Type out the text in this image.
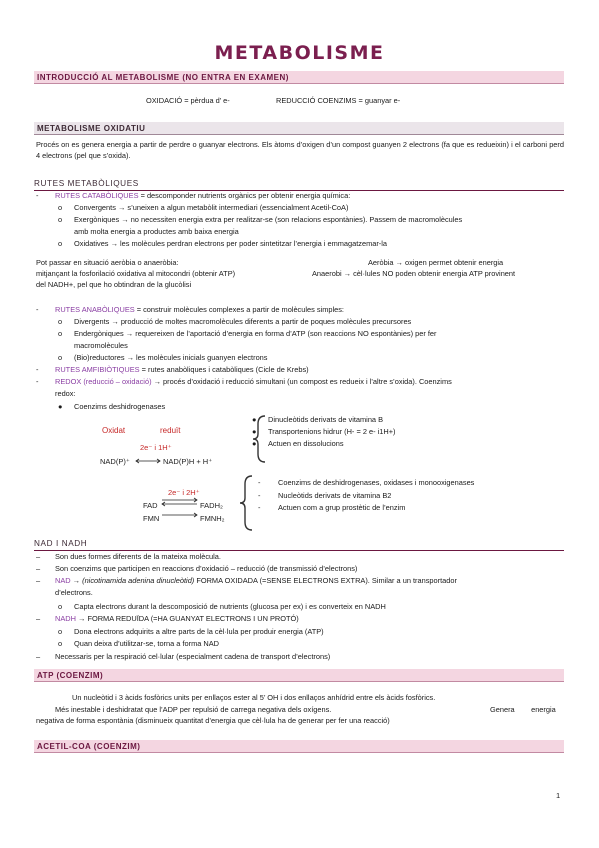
METABOLISME
INTRODUCCIÓ AL METABOLISME (NO ENTRA EN EXAMEN)
OXIDACIÓ = pèrdua d’ e-	REDUCCIÓ COENZIMS = guanyar e-
METABOLISME OXIDATIU
Procés on es genera energia a partir de perdre o guanyar electrons. Els àtoms d’oxigen d’un compost guanyen 2 electrons (fa que es redueixin) i el carboni perd 4 electrons (pel que s’oxida).
RUTES METABÒLIQUES
- RUTES CATABÒLIQUES = descomponder nutrients orgànics per obtenir energia química:
o Convergents → s’uneixen a algun metabòlit intermediari (essencialment Acetil-CoA)
o Exergòniques → no necessiten energia extra per realitzar-se (son relacions espontànies). Passem de macromolècules
amb molta energia a productes amb baixa energia
o Oxidatives → les molècules perdran electrons per poder sintetitzar l’energia i emmagatzemar-la
Pot passar en situació aeròbia o anaeròbia:	Aeròbia → oxigen permet obtenir energia
mitjançant la fosforilació oxidativa al mitocondri (obtenir ATP)	Anaerobi → cèl·lules NO poden obtenir energia ATP provinent
del NADH+, pel que ho obtindran de la glucòlisi
- RUTES ANABÒLIQUES = construir molècules complexes a partir de molècules simples:
o Divergents → producció de moltes macromolècules diferents a partir de poques molècules precursores
o Endergòniques → requereixen de l’aportació d’energia en forma d’ATP (son reaccions NO espontànies) per fer
macromolècules
o (Bio)reductores → les molècules inicials guanyen electrons
- RUTES AMFIBIÒTIQUES = rutes anabòliques i catabòliques (Cicle de Krebs)
- REDOX (reducció – oxidació) → procés d’oxidació i reducció simultani (un compost es redueix i l’altre s’oxida). Coenzims
redox:
● Coenzims deshidrogenases
Oxidat	reduït
2e⁻ i 1H⁺
NAD(P)⁺	NAD(P)H + H⁺
● Dinucleòtids derivats de vitamina B
● Transportenions hidrur (H- = 2 e- i1H+)
● Actuen en dissolucions
2e⁻ i 2H⁺
FAD	FADH₂
FMN	FMNH₂
- Coenzims de deshidrogenases, oxidases i monooxigenases
- Nucleòtids derivats de vitamina B2
- Actuen com a grup prostètic de l’enzim
NAD I NADH
– Son dues formes diferents de la mateixa molècula.
– Son coenzims que participen en reaccions d’oxidació – reducció (de transmissió d’electrons)
– NAD → (nicotinamida adenina dinucleòtid) FORMA OXIDADA (=SENSE ELECTRONS EXTRA). Similar a un transportador
d’electrons.
o Capta electrons durant la descomposició de nutrients (glucosa per ex) i es converteix en NADH
– NADH → FORMA REDUÏDA (=HA GUANYAT ELECTRONS I UN PROTÓ)
o Dona electrons adquirits a altre parts de la cèl·lula per produir energia (ATP)
o Quan deixa d’utilitzar-se, torna a forma NAD
– Necessaris per la respiració cel·lular (especialment cadena de transport d’electrons)
ATP (COENZIM)
Un nucleòtid i 3 àcids fosfòrics units per enllaços ester al 5’ OH i dos enllaços anhídrid entre els àcids fosfòrics.
Més inestable i deshidratat que l’ADP per repulsió de carrega negativa dels oxígens.	Genera        energia
negativa de forma espontània (disminueix quantitat d’energia que cèl·lula ha de generar per fer una reacció)
ACETIL-COA (COENZIM)
1
